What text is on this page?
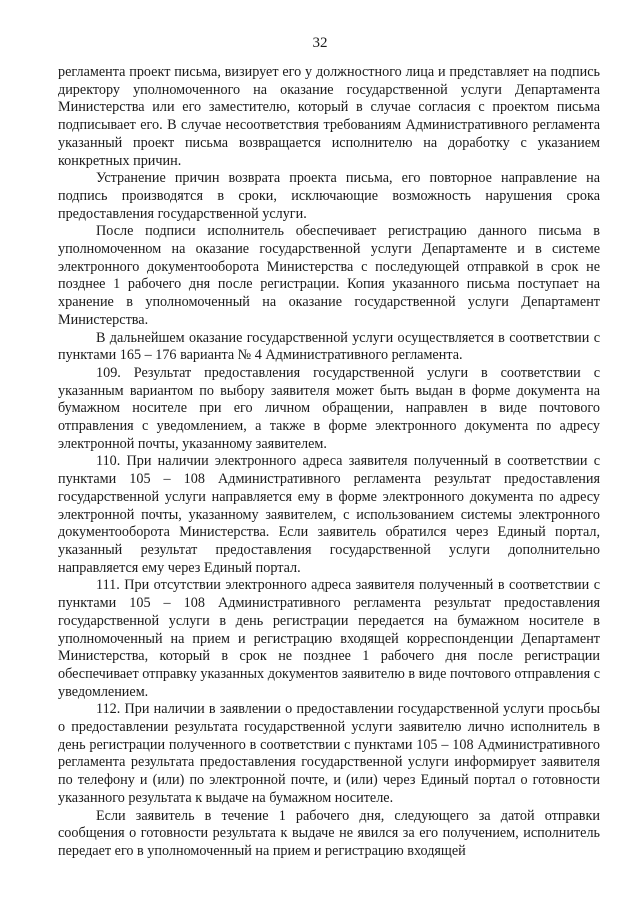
32

регламента проект письма, визирует его у должностного лица и представляет на подпись директору уполномоченного на оказание государственной услуги Департамента Министерства или его заместителю, который в случае согласия с проектом письма подписывает его. В случае несоответствия требованиям Административного регламента указанный проект письма возвращается исполнителю на доработку с указанием конкретных причин.

Устранение причин возврата проекта письма, его повторное направление на подпись производятся в сроки, исключающие возможность нарушения срока предоставления государственной услуги.

После подписи исполнитель обеспечивает регистрацию данного письма в уполномоченном на оказание государственной услуги Департаменте и в системе электронного документооборота Министерства с последующей отправкой в срок не позднее 1 рабочего дня после регистрации. Копия указанного письма поступает на хранение в уполномоченный на оказание государственной услуги Департамент Министерства.

В дальнейшем оказание государственной услуги осуществляется в соответствии с пунктами 165 – 176 варианта № 4 Административного регламента.

109. Результат предоставления государственной услуги в соответствии с указанным вариантом по выбору заявителя может быть выдан в форме документа на бумажном носителе при его личном обращении, направлен в виде почтового отправления с уведомлением, а также в форме электронного документа по адресу электронной почты, указанному заявителем.

110. При наличии электронного адреса заявителя полученный в соответствии с пунктами 105 – 108 Административного регламента результат предоставления государственной услуги направляется ему в форме электронного документа по адресу электронной почты, указанному заявителем, с использованием системы электронного документооборота Министерства. Если заявитель обратился через Единый портал, указанный результат предоставления государственной услуги дополнительно направляется ему через Единый портал.

111. При отсутствии электронного адреса заявителя полученный в соответствии с пунктами 105 – 108 Административного регламента результат предоставления государственной услуги в день регистрации передается на бумажном носителе в уполномоченный на прием и регистрацию входящей корреспонденции Департамент Министерства, который в срок не позднее 1 рабочего дня после регистрации обеспечивает отправку указанных документов заявителю в виде почтового отправления с уведомлением.

112. При наличии в заявлении о предоставлении государственной услуги просьбы о предоставлении результата государственной услуги заявителю лично исполнитель в день регистрации полученного в соответствии с пунктами 105 – 108 Административного регламента результата предоставления государственной услуги информирует заявителя по телефону и (или) по электронной почте, и (или) через Единый портал о готовности указанного результата к выдаче на бумажном носителе.

Если заявитель в течение 1 рабочего дня, следующего за датой отправки сообщения о готовности результата к выдаче не явился за его получением, исполнитель передает его в уполномоченный на прием и регистрацию входящей
